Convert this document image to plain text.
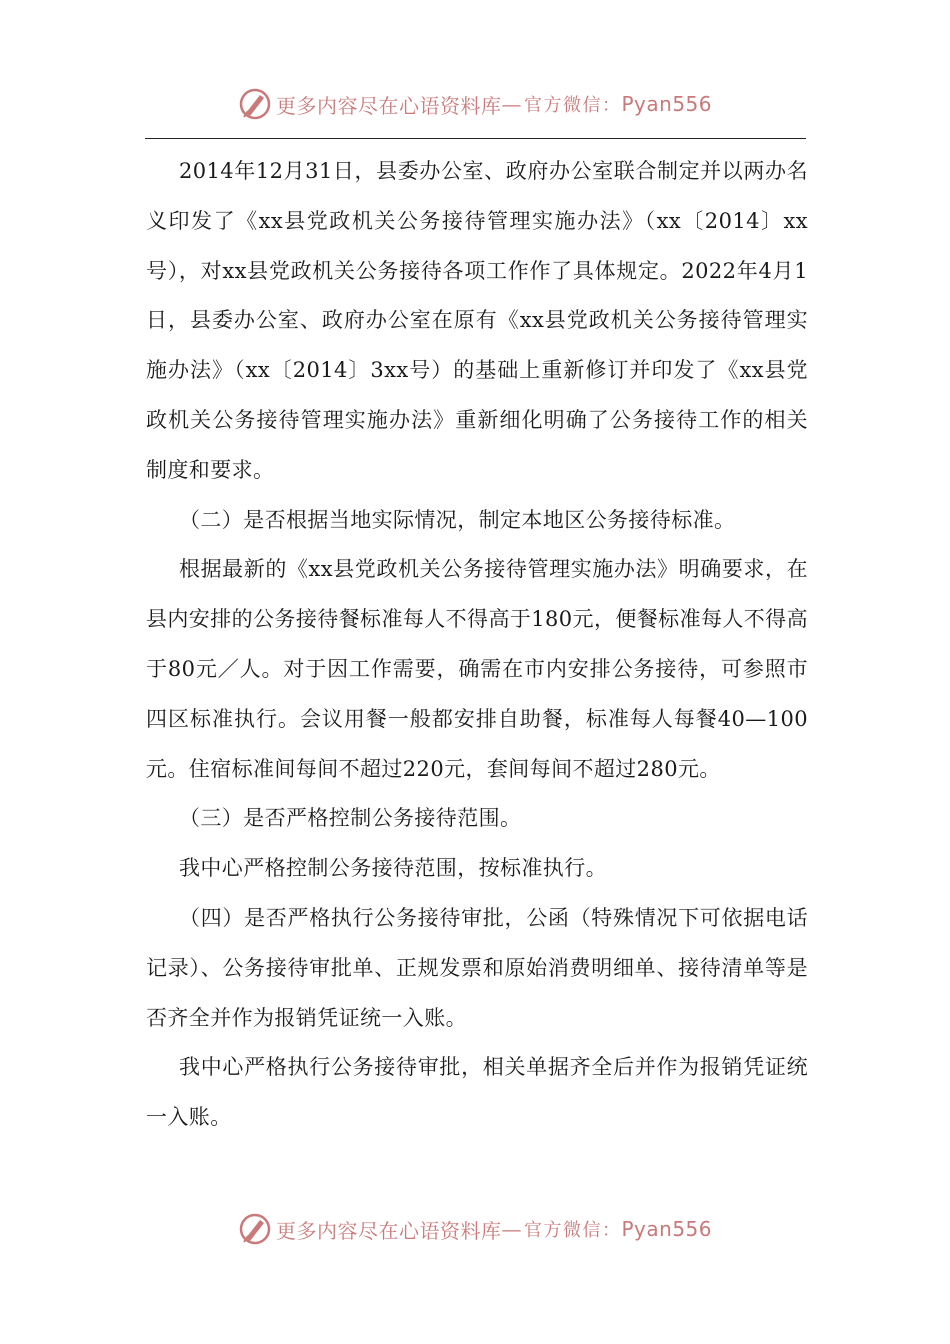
更多内容尽在心语资料库 — 官方微信： Pyan556

2014年12月31日，县委办公室、政府办公室联合制定并以两办名义印发了《xx县党政机关公务接待管理实施办法》（xx〔2014〕xx号），对xx县党政机关公务接待各项工作作了具体规定。2022年4月1日，县委办公室、政府办公室在原有《xx县党政机关公务接待管理实施办法》（xx〔2014〕3xx号）的基础上重新修订并印发了《xx县党政机关公务接待管理实施办法》重新细化明确了公务接待工作的相关制度和要求。

（二）是否根据当地实际情况，制定本地区公务接待标准。

根据最新的《xx县党政机关公务接待管理实施办法》明确要求，在县内安排的公务接待餐标准每人不得高于180元，便餐标准每人不得高于80元／人。对于因工作需要，确需在市内安排公务接待，可参照市四区标准执行。会议用餐一般都安排自助餐，标准每人每餐40—100元。住宿标准间每间不超过220元，套间每间不超过280元。

（三）是否严格控制公务接待范围。

我中心严格控制公务接待范围，按标准执行。

（四）是否严格执行公务接待审批，公函（特殊情况下可依据电话记录）、公务接待审批单、正规发票和原始消费明细单、接待清单等是否齐全并作为报销凭证统一入账。

我中心严格执行公务接待审批，相关单据齐全后并作为报销凭证统一入账。

更多内容尽在心语资料库 — 官方微信： Pyan556
